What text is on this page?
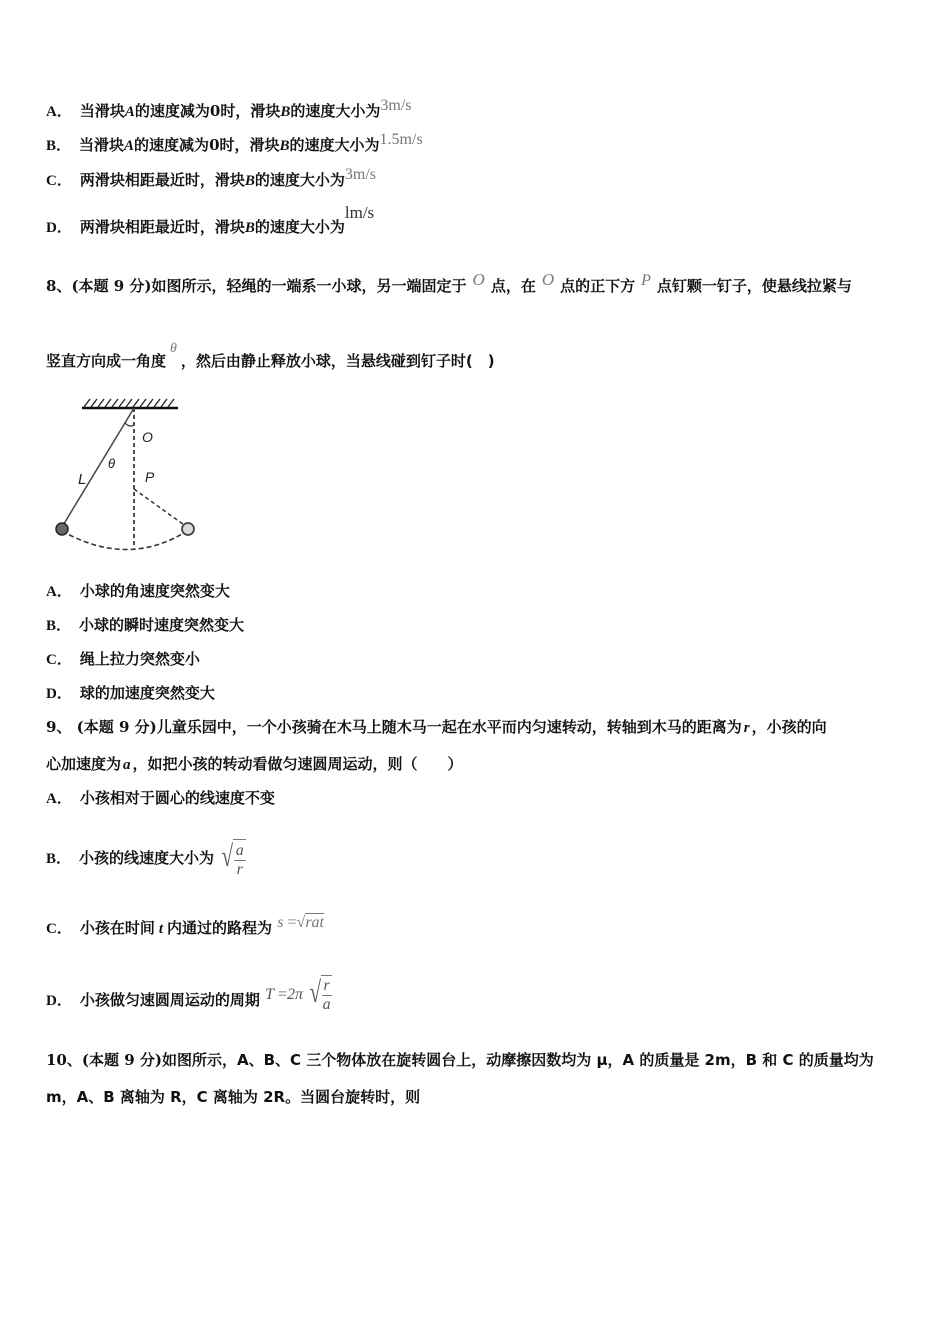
A． 当滑块A的速度减为0时，滑块B的速度大小为3m/s
B． 当滑块A的速度减为0时，滑块B的速度大小为1.5m/s
C． 两滑块相距最近时，滑块B的速度大小为3m/s
D． 两滑块相距最近时，滑块B的速度大小为lm/s
8、(本题 9 分)如图所示，轻绳的一端系一小球，另一端固定于 O 点，在 O 点的正下方 P 点钉颗一钉子，使悬线拉紧与
竖直方向成一角度θ，然后由静止释放小球，当悬线碰到钉子时(　)
O
L
θ
P
A． 小球的角速度突然变大
B． 小球的瞬时速度突然变大
C． 绳上拉力突然变小
D． 球的加速度突然变大
9、 (本题 9 分)儿童乐园中，一个小孩骑在木马上随木马一起在水平而内匀速转动，转轴到木马的距离为 r ，小孩的向
心加速度为 a ，如把小孩的转动看做匀速圆周运动，则（　　）
A． 小孩相对于圆心的线速度不变
B． 小孩的线速度大小为 √ $\frac{a}{r}$
C． 小孩在时间 t 内通过的路程为 s =√rat
D． 小孩做匀速圆周运动的周期 T =2π √ $\frac{r}{a}$
10、(本题 9 分)如图所示，A、B、C 三个物体放在旋转圆台上，动摩擦因数均为 μ，A 的质量是 2m，B 和 C 的质量均为
m，A、B 离轴为 R，C 离轴为 2R。当圆台旋转时，则
